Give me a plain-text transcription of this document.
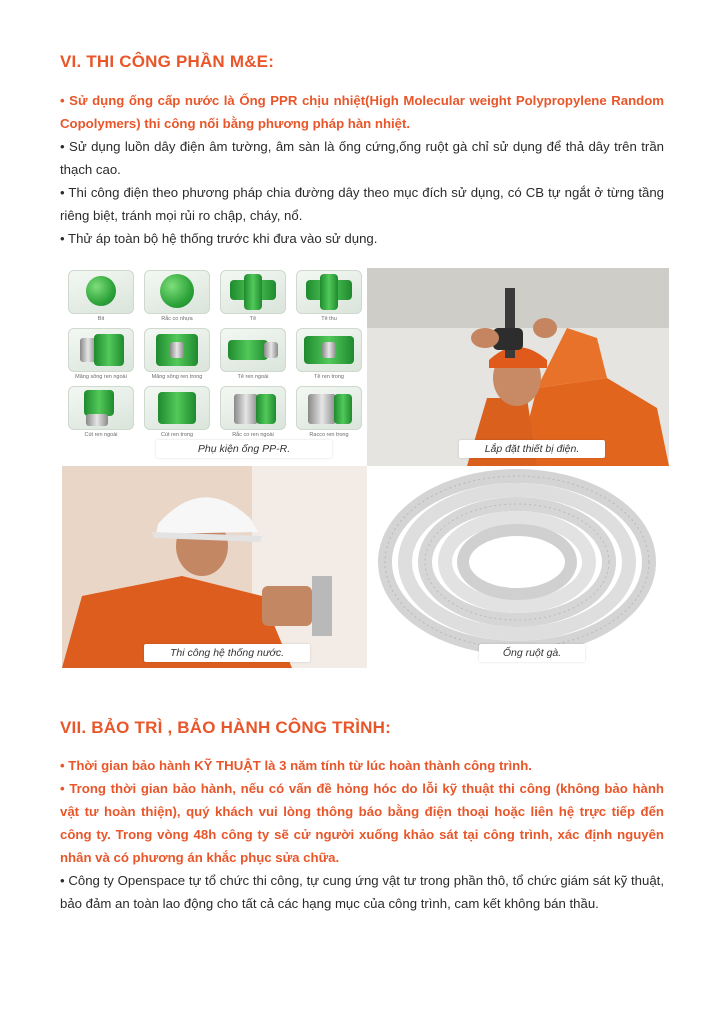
VI. THI CÔNG PHẦN M&E:

• Sử dụng ống cấp nước là Ống PPR chịu nhiệt(High Molecular weight Polypropylene Random Copolymers) thi công nối bằng phương pháp hàn nhiệt.

• Sử dụng luồn dây điện âm tường, âm sàn là ống cứng,ống ruột gà chỉ sử dụng để thả dây trên trần thạch cao.

• Thi công điện theo phương pháp chia đường dây theo mục đích sử dụng, có CB tự ngắt ở từng tầng riêng biệt, tránh mọi rủi ro chập, cháy, nổ.

• Thử áp toàn bộ hệ thống trước khi đưa vào sử dụng.

Bit	Rắc co nhựa	Tê	Tê thu
Măng sông ren ngoài	Măng sông ren trong	Tê ren ngoài	Tê ren trong
Cút ren ngoài	Cút ren trong	Rắc co ren ngoài	Racco ren trong
Phụ kiện ống PP-R.	Lắp đặt thiết bị điện.
Thi công hệ thống nước.	Ống ruột gà.
VII. BẢO TRÌ , BẢO HÀNH CÔNG TRÌNH:

• Thời gian bảo hành KỸ THUẬT là 3 năm tính từ lúc hoàn thành công trình.

• Trong thời gian bảo hành, nếu có vấn đề hỏng hóc do lỗi kỹ thuật thi công (không bảo hành vật tư hoàn thiện), quý khách vui lòng thông báo bằng điện thoại hoặc liên hệ trực tiếp đến công ty. Trong vòng 48h công ty sẽ cử người xuống khảo sát tại công trình, xác định nguyên nhân và có phương án khắc phục sửa chữa.

• Công ty Openspace tự tổ chức thi công, tự cung ứng vật tư trong phần thô, tổ chức giám sát kỹ thuật, bảo đảm an toàn lao động cho tất cả các hạng mục của công trình, cam kết không bán thầu.
